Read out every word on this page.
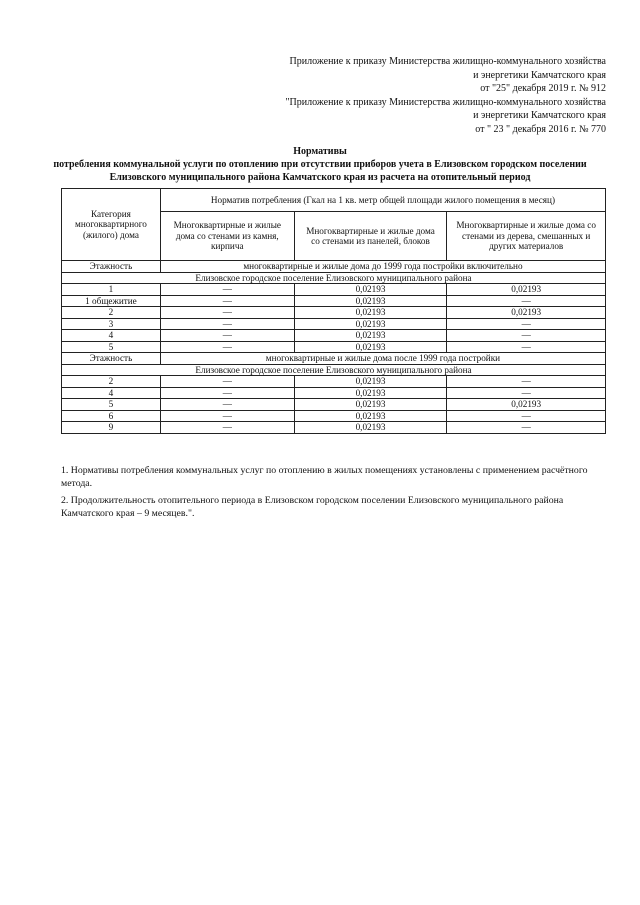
Приложение к приказу Министерства жилищно-коммунального хозяйства
и энергетики Камчатского края
от "25" декабря 2019 г. № 912
"Приложение к приказу Министерства жилищно-коммунального хозяйства
и энергетики Камчатского края
от " 23 " декабря 2016 г. № 770
Нормативы
потребления коммунальной услуги по отоплению при отсутствии приборов учета в Елизовском городском поселении
Елизовского муниципального района Камчатского края из расчета на отопительный период
Категория многоквартирного (жилого) дома	Норматив потребления (Гкал на 1 кв. метр общей площади жилого помещения в месяц)		
	Многоквартирные и жилые дома со стенами из камня, кирпича	Многоквартирные и жилые дома со стенами из панелей, блоков	Многоквартирные и жилые дома со стенами из дерева, смешанных и других материалов
Этажность	многоквартирные и жилые дома до 1999 года постройки включительно		
Елизовское городское поселение Елизовского муниципального района			
1	—	0,02193	0,02193
1 общежитие	—	0,02193	—
2	—	0,02193	0,02193
3	—	0,02193	—
4	—	0,02193	—
5	—	0,02193	—
Этажность	многоквартирные и жилые дома после 1999 года постройки		
Елизовское городское поселение Елизовского муниципального района			
2	—	0,02193	—
4	—	0,02193	—
5	—	0,02193	0,02193
6	—	0,02193	—
9	—	0,02193	—
1. Нормативы потребления коммунальных услуг по отоплению в жилых помещениях установлены с применением расчётного метода.
2. Продолжительность отопительного периода в Елизовском городском поселении Елизовского муниципального района Камчатского края – 9 месяцев.".
